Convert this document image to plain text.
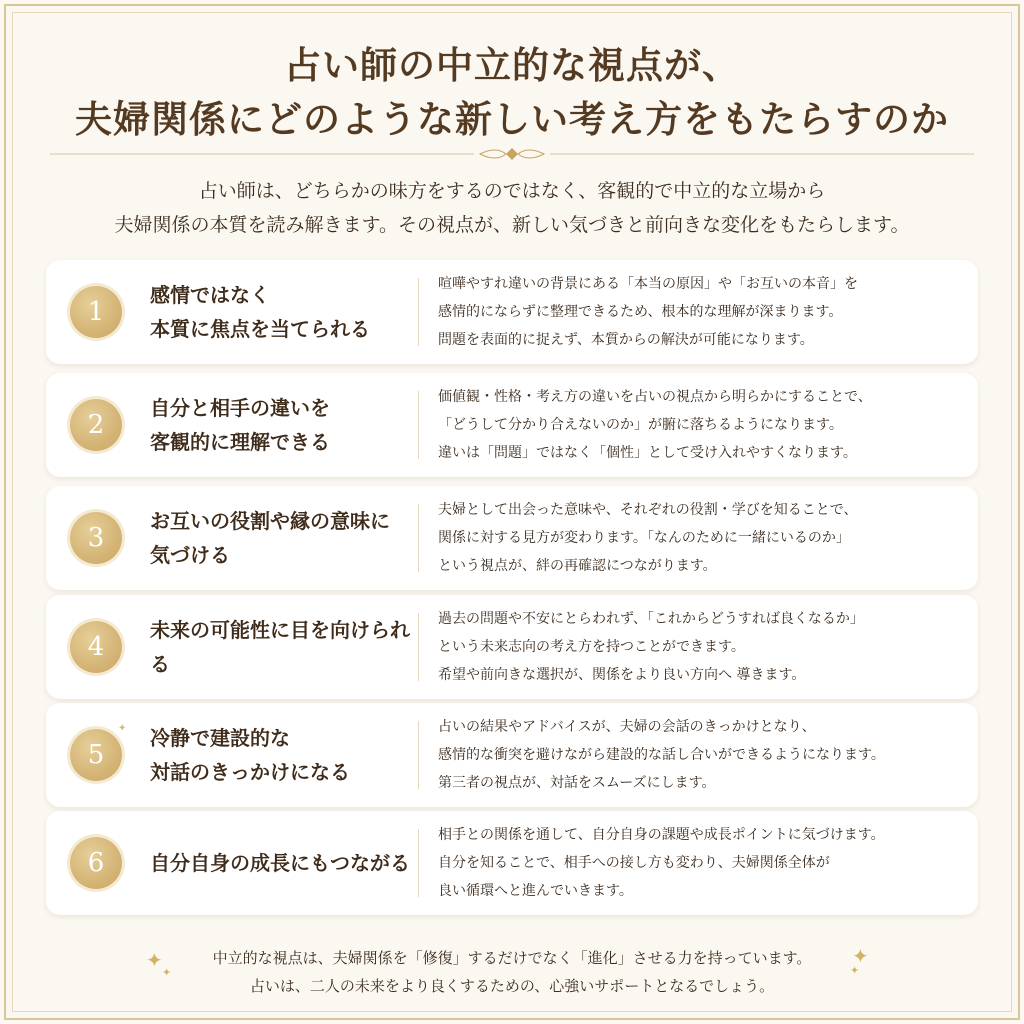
占い師の中立的な視点が、
夫婦関係にどのような新しい考え方をもたらすのか
占い師は、どちらかの味方をするのではなく、客観的で中立的な立場から
夫婦関係の本質を読み解きます。その視点が、新しい気づきと前向きな変化をもたらします。
1
感情ではなく
本質に焦点を当てられる
喧嘩やすれ違いの背景にある「本当の原因」や「お互いの本音」を
感情的にならずに整理できるため、根本的な理解が深まります。
問題を表面的に捉えず、本質からの解決が可能になります。
2
自分と相手の違いを
客観的に理解できる
価値観・性格・考え方の違いを占いの視点から明らかにすることで、
「どうして分かり合えないのか」が腑に落ちるようになります。
違いは「問題」ではなく「個性」として受け入れやすくなります。
3
お互いの役割や縁の意味に
気づける
夫婦として出会った意味や、それぞれの役割・学びを知ることで、
関係に対する見方が変わります。「なんのために一緒にいるのか」
という視点が、絆の再確認につながります。
4
未来の可能性に目を向けられる
過去の問題や不安にとらわれず、「これからどうすれば良くなるか」
という未来志向の考え方を持つことができます。
希望や前向きな選択が、関係をより良い方向へ 導きます。
5
✦ 冷静で建設的な
対話のきっかけになる
占いの結果やアドバイスが、夫婦の会話のきっかけとなり、
感情的な衝突を避けながら建設的な話し合いができるようになります。
第三者の視点が、対話をスムーズにします。
6	自分自身の成長にもつながる
相手との関係を通して、自分自身の課題や成長ポイントに気づけます。
自分を知ることで、相手への接し方も変わり、夫婦関係全体が
良い循環へと進んでいきます。
✦
✦
✦
✦
中立的な視点は、夫婦関係を「修復」するだけでなく「進化」させる力を持っています。
占いは、二人の未来をより良くするための、心強いサポートとなるでしょう。
